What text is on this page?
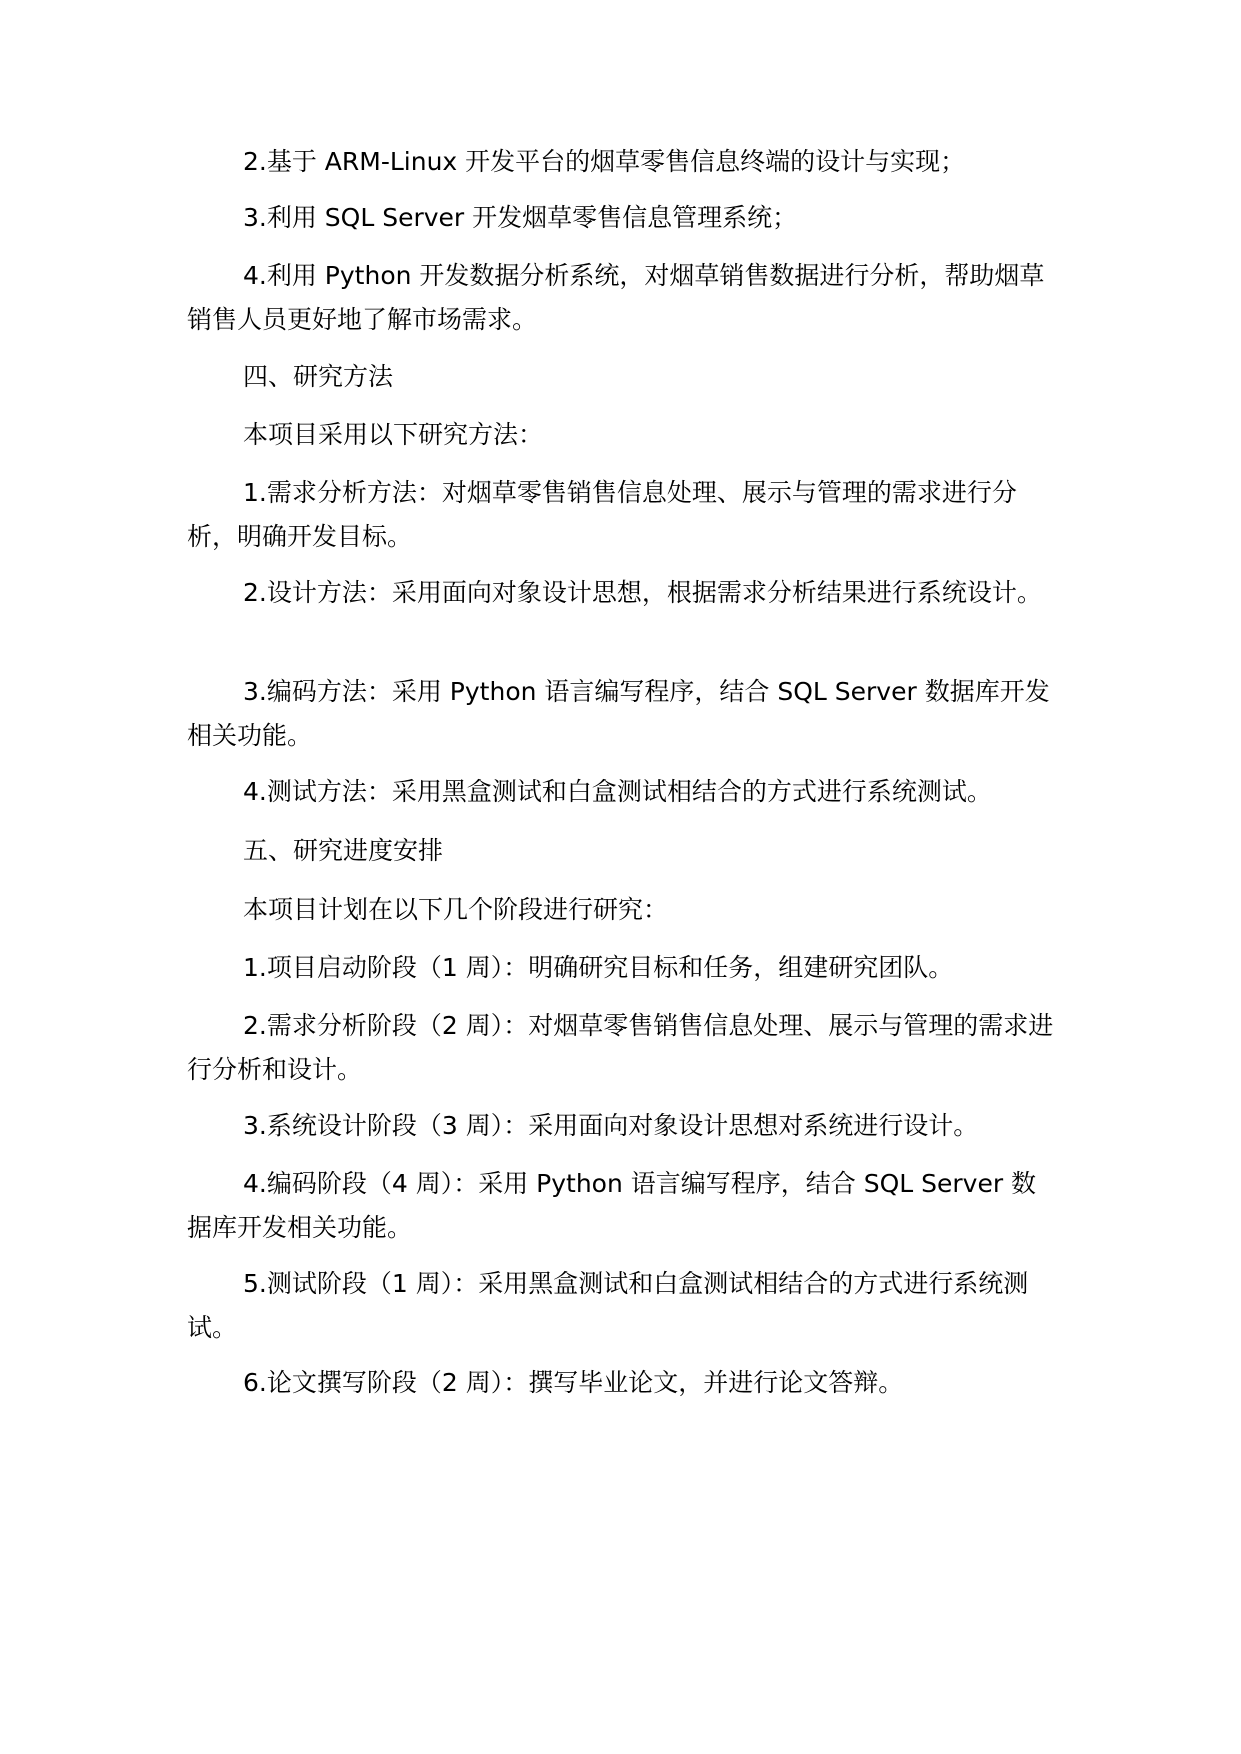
2.基于 ARM-Linux 开发平台的烟草零售信息终端的设计与实现；

3.利用 SQL Server 开发烟草零售信息管理系统；

4.利用 Python 开发数据分析系统，对烟草销售数据进行分析，帮助烟草销售人员更好地了解市场需求。

四、研究方法

本项目采用以下研究方法：

1.需求分析方法：对烟草零售销售信息处理、展示与管理的需求进行分析，明确开发目标。

2.设计方法：采用面向对象设计思想，根据需求分析结果进行系统设计。

3.编码方法：采用 Python 语言编写程序，结合 SQL Server 数据库开发相关功能。

4.测试方法：采用黑盒测试和白盒测试相结合的方式进行系统测试。

五、研究进度安排

本项目计划在以下几个阶段进行研究：

1.项目启动阶段（1 周）：明确研究目标和任务，组建研究团队。

2.需求分析阶段（2 周）：对烟草零售销售信息处理、展示与管理的需求进行分析和设计。

3.系统设计阶段（3 周）：采用面向对象设计思想对系统进行设计。

4.编码阶段（4 周）：采用 Python 语言编写程序，结合 SQL Server 数据库开发相关功能。

5.测试阶段（1 周）：采用黑盒测试和白盒测试相结合的方式进行系统测试。

6.论文撰写阶段（2 周）：撰写毕业论文，并进行论文答辩。
